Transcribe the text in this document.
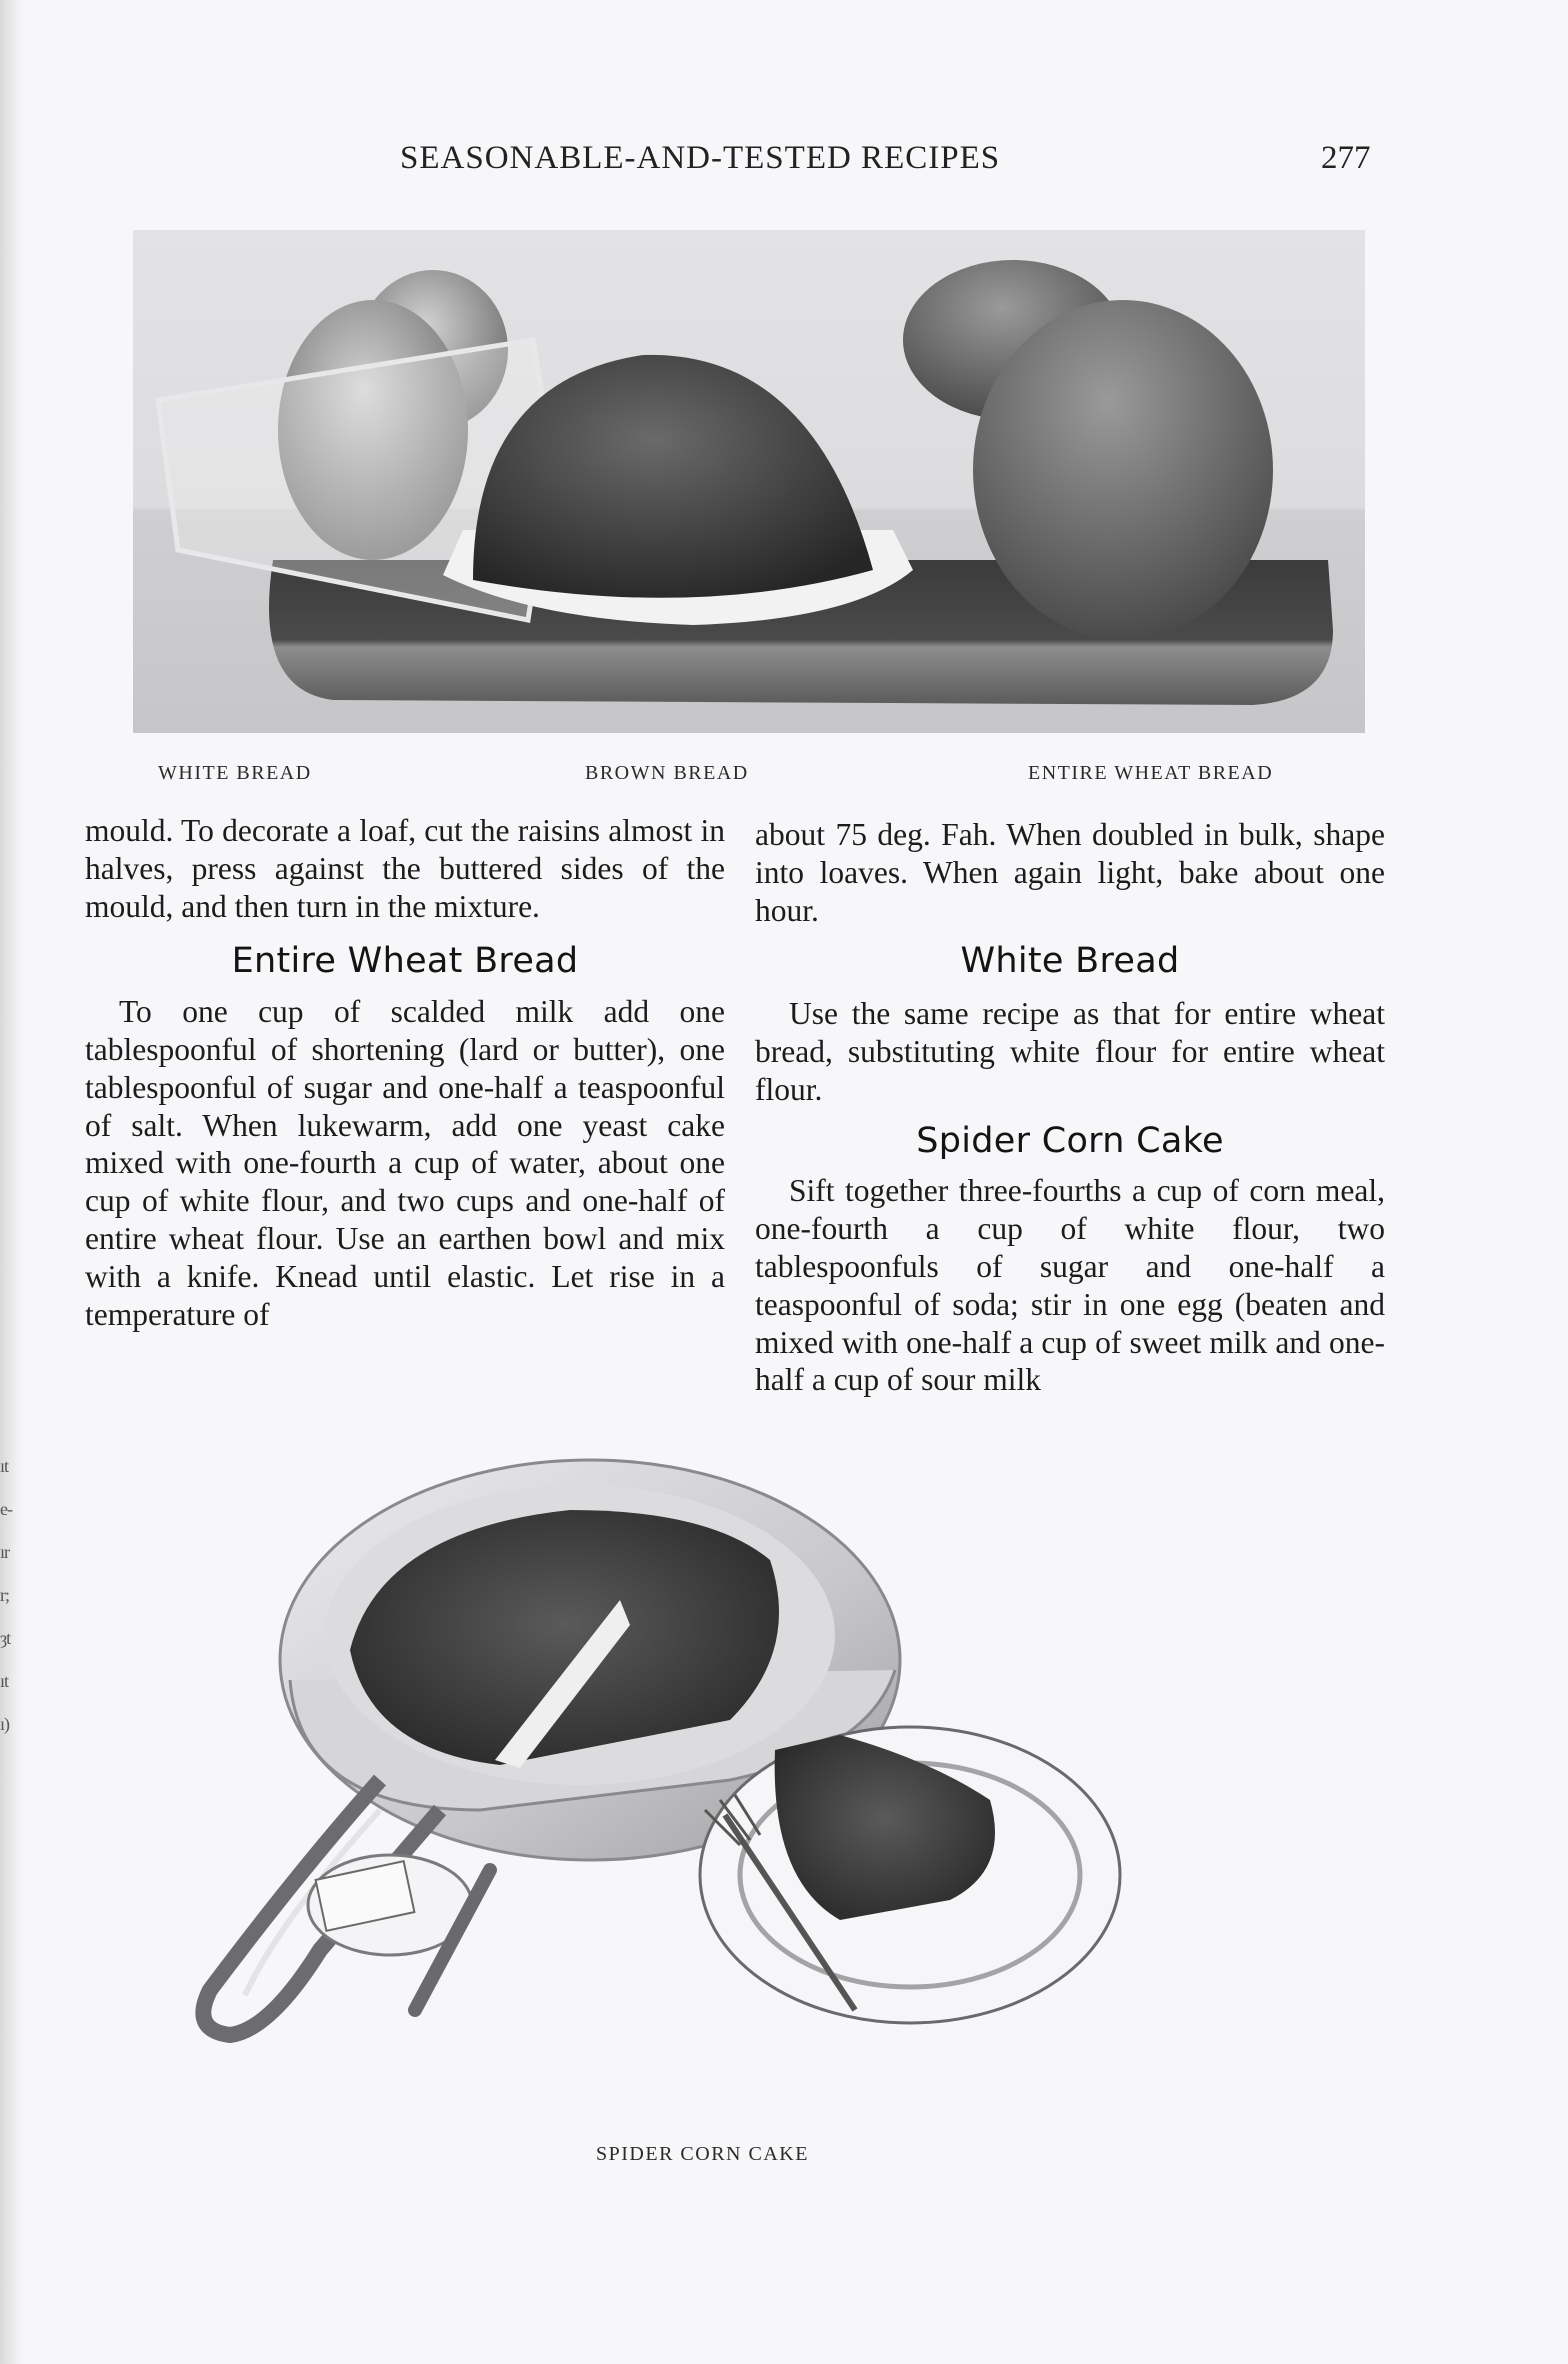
ıt
e-
ır
r;
ȝt
ıt
ı)
SEASONABLE-AND-TESTED RECIPES	277
WHITE BREAD	BROWN BREAD	ENTIRE WHEAT BREAD

mould. To decorate a loaf, cut the raisins almost in halves, press against the buttered sides of the mould, and then turn in the mixture.

Entire Wheat Bread

To one cup of scalded milk add one tablespoonful of shortening (lard or butter), one tablespoonful of sugar and one-half a teaspoonful of salt. When lukewarm, add one yeast cake mixed with one-fourth a cup of water, about one cup of white flour, and two cups and one-half of entire wheat flour. Use an earthen bowl and mix with a knife. Knead until elastic. Let rise in a temperature of

about 75 deg. Fah. When doubled in bulk, shape into loaves. When again light, bake about one hour.

White Bread

Use the same recipe as that for entire wheat bread, substituting white flour for entire wheat flour.

Spider Corn Cake

Sift together three-fourths a cup of corn meal, one-fourth a cup of white flour, two tablespoonfuls of sugar and one-half a teaspoonful of soda; stir in one egg (beaten and mixed with one-half a cup of sweet milk and one-half a cup of sour milk

SPIDER CORN CAKE
